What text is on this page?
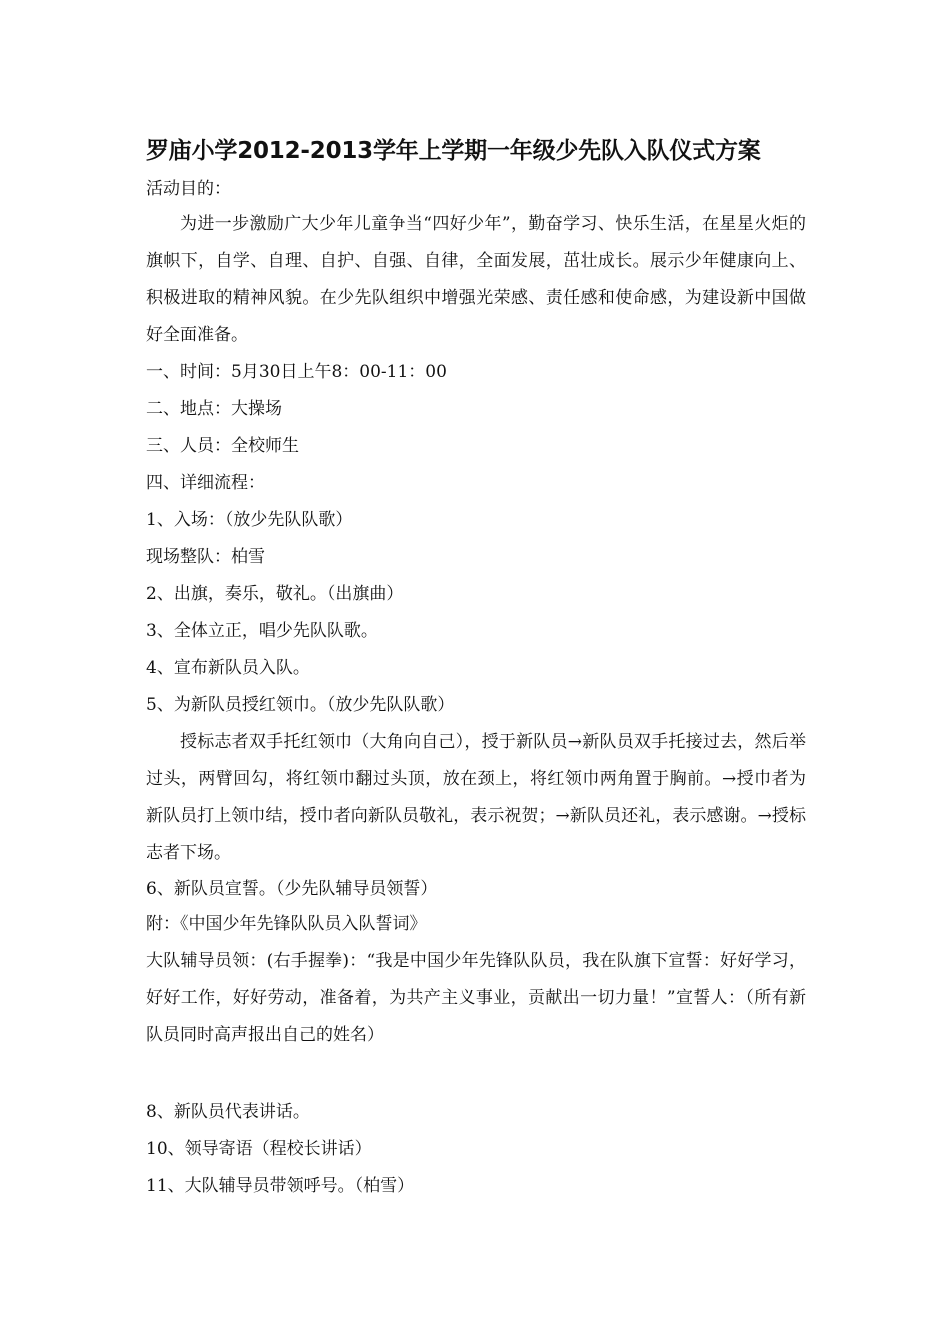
罗庙小学2012-2013学年上学期一年级少先队入队仪式方案

活动目的：

为进一步激励广大少年儿童争当“四好少年”，勤奋学习、快乐生活，在星星火炬的旗帜下，自学、自理、自护、自强、自律，全面发展，茁壮成长。展示少年健康向上、积极进取的精神风貌。在少先队组织中增强光荣感、责任感和使命感，为建设新中国做好全面准备。

一、时间：5月30日上午8：00-11：00

二、地点：大操场

三、人员：全校师生

四、详细流程：

1、入场：（放少先队队歌）

现场整队：柏雪

2、出旗，奏乐，敬礼。（出旗曲）

3、全体立正，唱少先队队歌。

4、宣布新队员入队。

5、为新队员授红领巾。（放少先队队歌）

授标志者双手托红领巾（大角向自己），授于新队员→新队员双手托接过去，然后举过头，两臂回勾，将红领巾翻过头顶，放在颈上，将红领巾两角置于胸前。→授巾者为新队员打上领巾结，授巾者向新队员敬礼，表示祝贺；→新队员还礼，表示感谢。→授标志者下场。

6、新队员宣誓。（少先队辅导员领誓）

附：《中国少年先锋队队员入队誓词》

大队辅导员领：(右手握拳)：“我是中国少年先锋队队员，我在队旗下宣誓：好好学习，好好工作，好好劳动，准备着，为共产主义事业，贡献出一切力量！”宣誓人：（所有新队员同时高声报出自己的姓名）

8、新队员代表讲话。

10、领导寄语（程校长讲话）

11、大队辅导员带领呼号。（柏雪）
